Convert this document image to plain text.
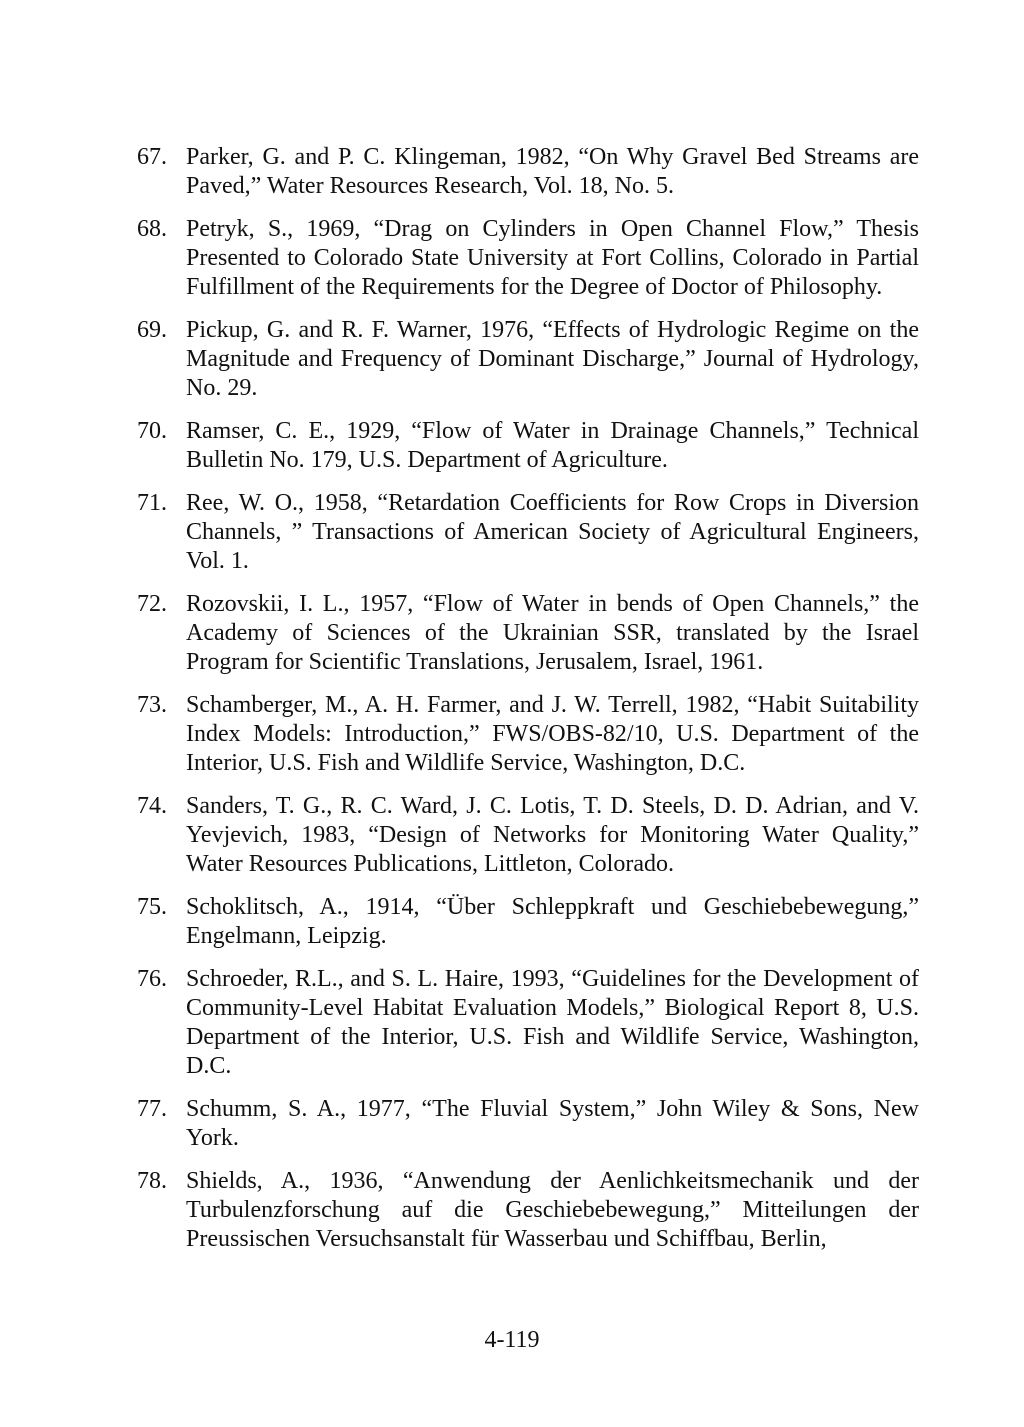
67. Parker, G. and P. C. Klingeman, 1982, “On Why Gravel Bed Streams are Paved,” Water Resources Research, Vol. 18, No. 5.
68. Petryk, S., 1969, “Drag on Cylinders in Open Channel Flow,” Thesis Presented to Colorado State University at Fort Collins, Colorado in Partial Fulfillment of the Requirements for the Degree of Doctor of Philosophy.
69. Pickup, G. and R. F. Warner, 1976, “Effects of Hydrologic Regime on the Magnitude and Frequency of Dominant Discharge,” Journal of Hydrology, No. 29.
70. Ramser, C. E., 1929, “Flow of Water in Drainage Channels,” Technical Bulletin No. 179, U.S. Department of Agriculture.
71. Ree, W. O., 1958, “Retardation Coefficients for Row Crops in Diversion Channels, ” Transactions of American Society of Agricultural Engineers, Vol. 1.
72. Rozovskii, I. L., 1957, “Flow of Water in bends of Open Channels,” the Academy of Sciences of the Ukrainian SSR, translated by the Israel Program for Scientific Translations, Jerusalem, Israel, 1961.
73. Schamberger, M., A. H. Farmer, and J. W. Terrell, 1982, “Habit Suitability Index Models: Introduction,” FWS/OBS-82/10, U.S. Department of the Interior, U.S. Fish and Wildlife Service, Washington, D.C.
74. Sanders, T. G., R. C. Ward, J. C. Lotis, T. D. Steels, D. D. Adrian, and V. Yevjevich, 1983, “Design of Networks for Monitoring Water Quality,” Water Resources Publications, Littleton, Colorado.
75. Schoklitsch, A., 1914, “Über Schleppkraft und Geschiebebewegung,” Engelmann, Leipzig.
76. Schroeder, R.L., and S. L. Haire, 1993, “Guidelines for the Development of Community-Level Habitat Evaluation Models,” Biological Report 8, U.S. Department of the Interior, U.S. Fish and Wildlife Service, Washington, D.C.
77. Schumm, S. A., 1977, “The Fluvial System,” John Wiley & Sons, New York.
78. Shields, A., 1936, “Anwendung der Aenlichkeitsmechanik und der Turbulenzforschung auf die Geschiebebewegung,” Mitteilungen der Preussischen Versuchsanstalt für Wasserbau und Schiffbau, Berlin,
4-119
